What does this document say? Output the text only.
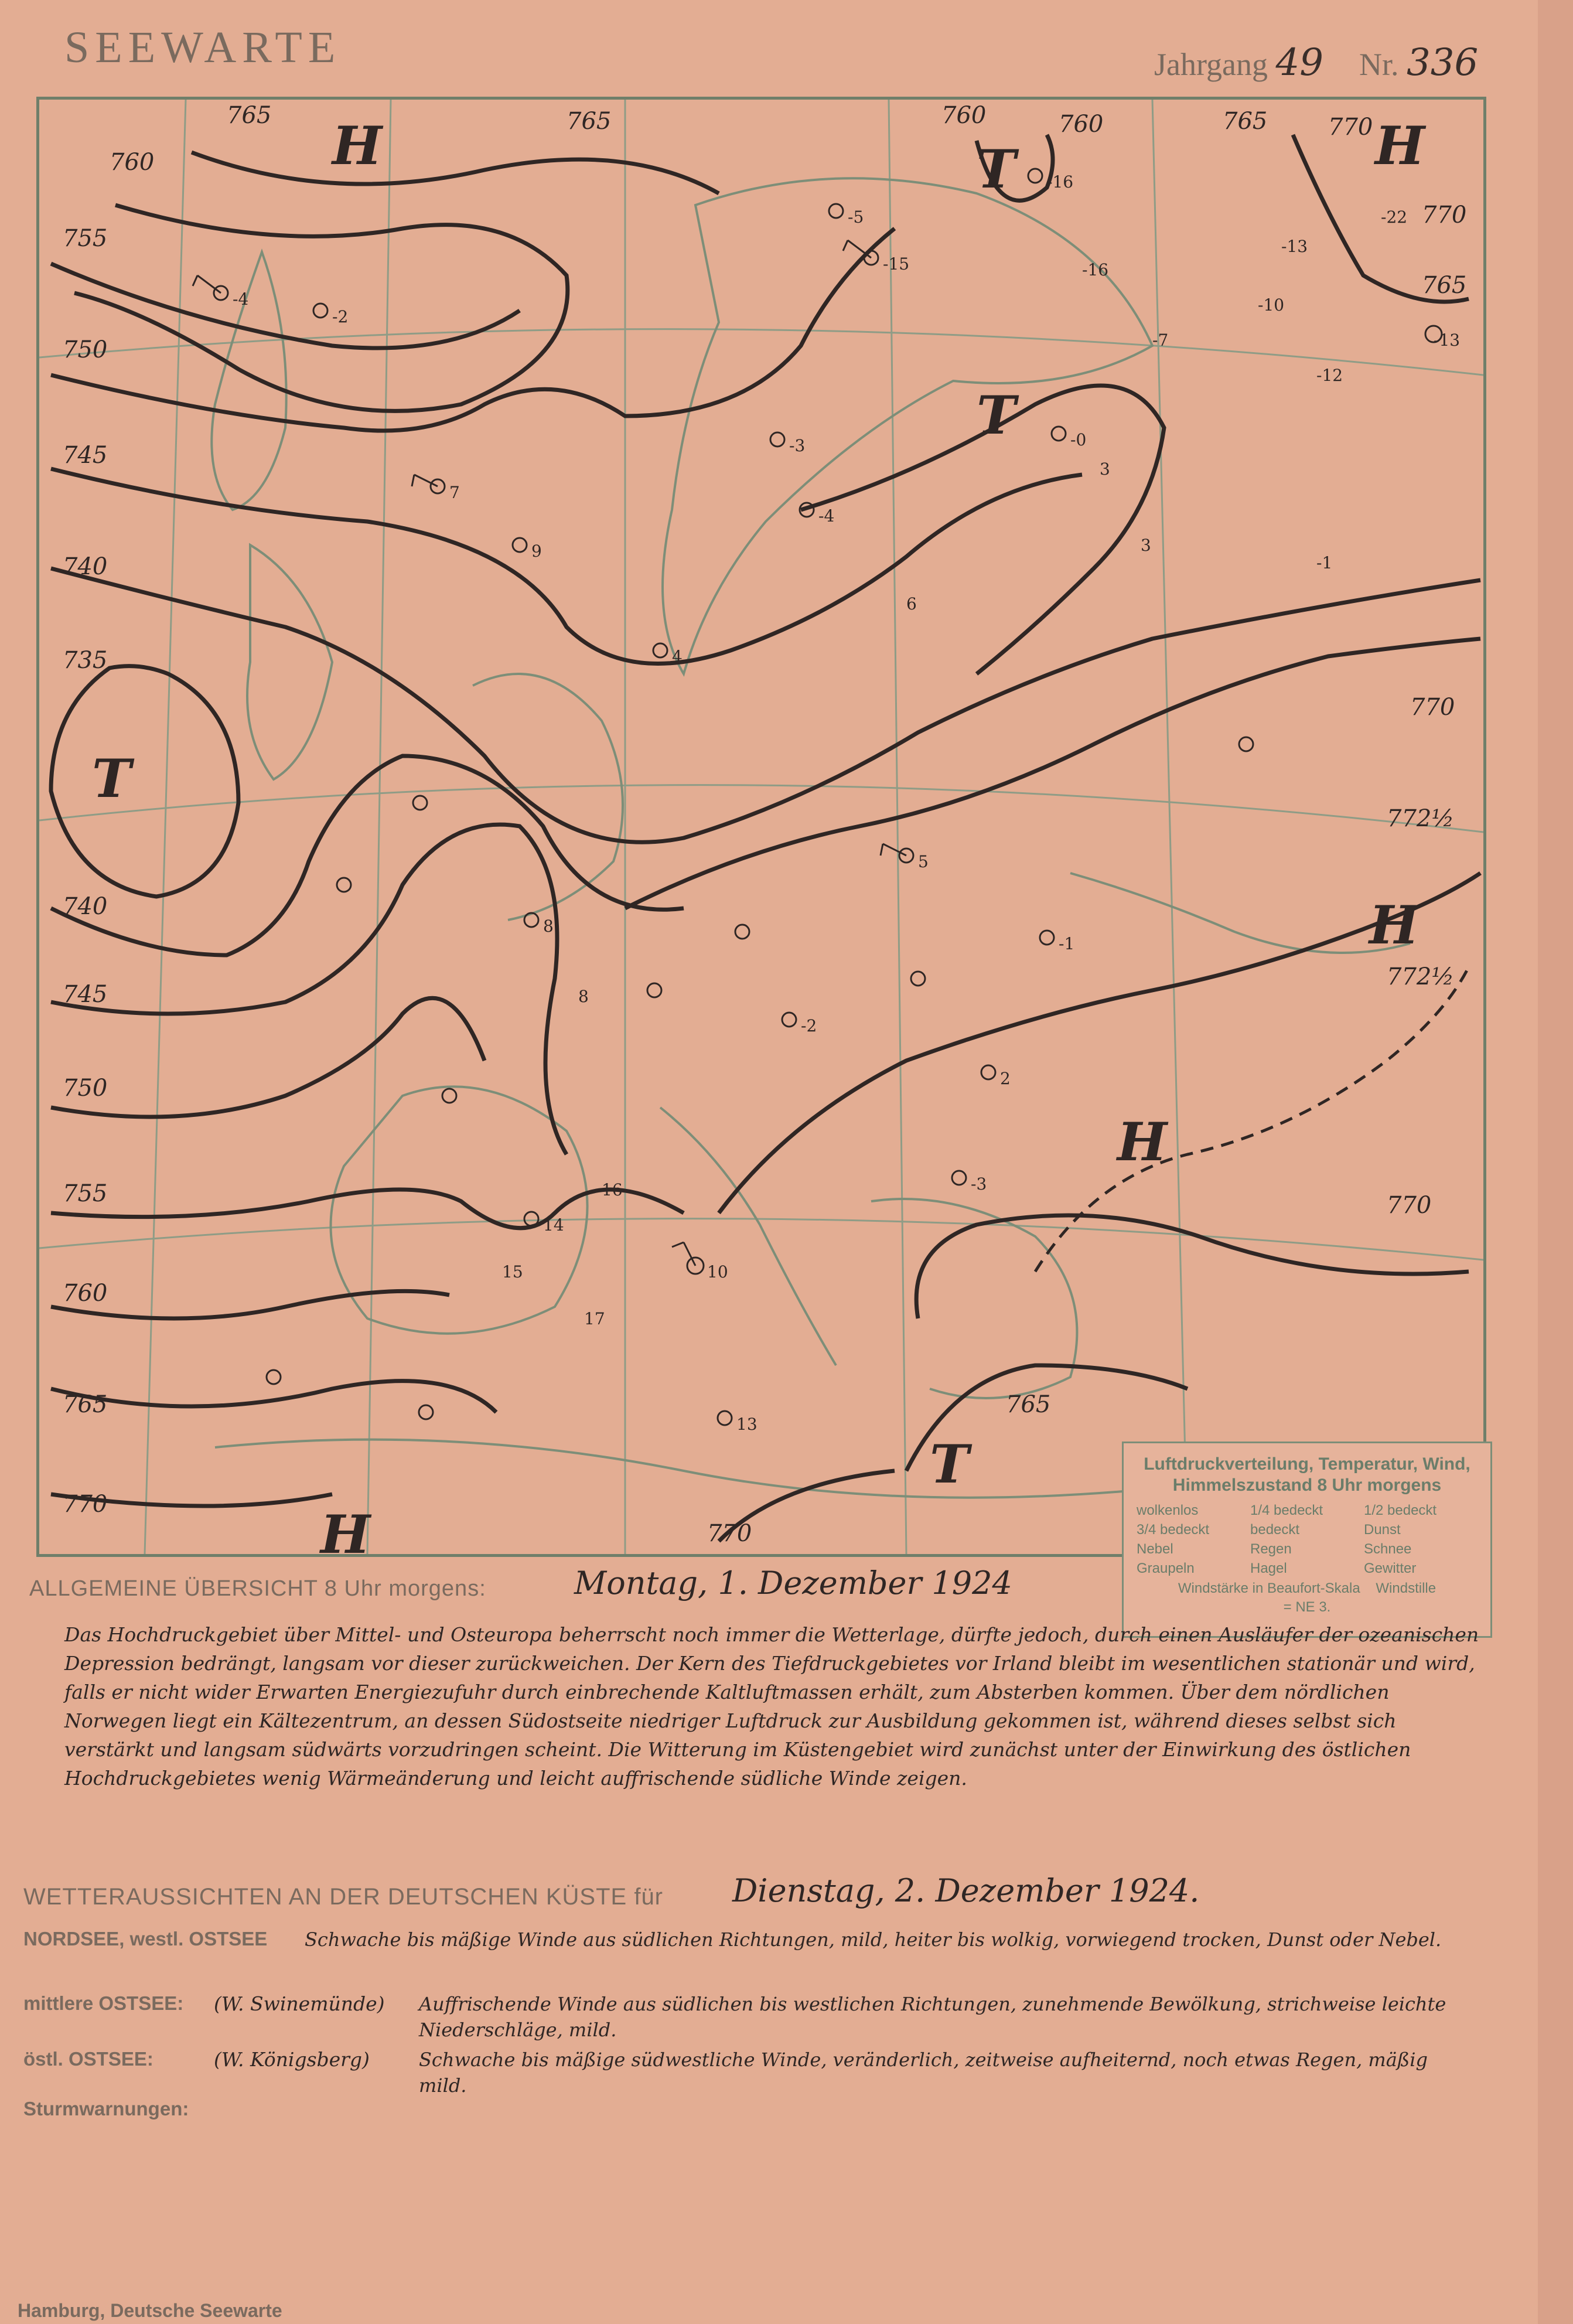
SEEWARTE	Jahrgang 49 Nr. 336
765	765
760
755
750
745
740
735
740
745
750
755
760
765
770
760	760	765	770
770
765
770
772½
772½
770
765
770
H
T
T
T
H
H
H
T
H
-4
-2
-5
-15
-16
-16
-10
-13
-22
-13
-12
-7
-3
-4
-0
3
-1
3
7
6
4
9
8
8
5
2
-2
-3
10
13
14
15
16
17
-1
Luftdruckverteilung, Temperatur, Wind, Himmelszustand 8 Uhr morgens
wolkenlos	1/4 bedeckt	1/2 bedeckt
3/4 bedeckt	bedeckt	Dunst
Nebel	Regen	Schnee
Graupeln	Hagel	Gewitter
Windstärke in Beaufort-Skala Windstille
= NE 3.
ALLGEMEINE ÜBERSICHT 8 Uhr morgens:	Montag, 1. Dezember 1924
Das Hochdruckgebiet über Mittel- und Osteuropa beherrscht noch immer die Wetterlage, dürfte jedoch, durch einen Ausläufer der ozeanischen Depression bedrängt, langsam vor dieser zurückweichen. Der Kern des Tiefdruckgebietes vor Irland bleibt im wesentlichen stationär und wird, falls er nicht wider Erwarten Energiezufuhr durch einbrechende Kaltluftmassen erhält, zum Absterben kommen. Über dem nördlichen Norwegen liegt ein Kältezentrum, an dessen Südostseite niedriger Luftdruck zur Ausbildung gekommen ist, während dieses selbst sich verstärkt und langsam südwärts vorzudringen scheint. Die Witterung im Küstengebiet wird zunächst unter der Einwirkung des östlichen Hochdruckgebietes wenig Wärmeänderung und leicht auffrischende südliche Winde zeigen.
WETTERAUSSICHTEN AN DER DEUTSCHEN KÜSTE für Dienstag, 2. Dezember 1924.
NORDSEE, westl. OSTSEE Schwache bis mäßige Winde aus südlichen Richtungen, mild, heiter bis wolkig, vorwiegend trocken, Dunst oder Nebel.
mittlere OSTSEE: (W. Swinemünde) Auffrischende Winde aus südlichen bis westlichen Richtungen, zunehmende Bewölkung, strichweise leichte Niederschläge, mild.
östl. OSTSEE:	(W. Königsberg)	Schwache bis mäßige südwestliche Winde, veränderlich, zeitweise aufheiternd, noch etwas Regen, mäßig mild.
Sturmwarnungen:
Hamburg, Deutsche Seewarte
